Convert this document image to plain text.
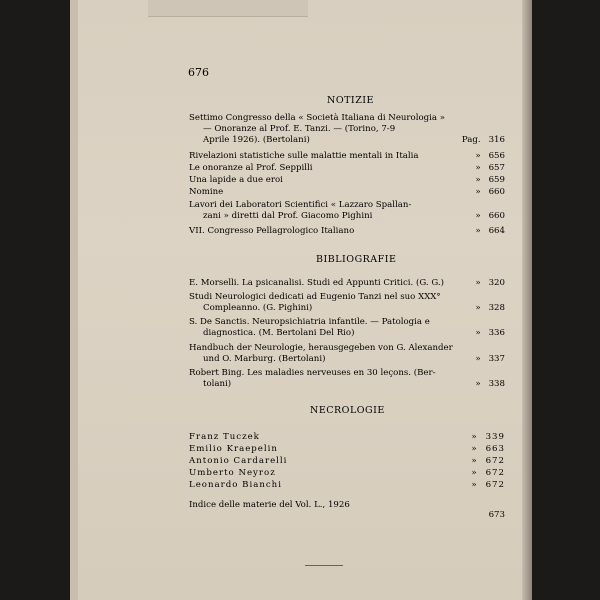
676
NOTIZIE
Settimo Congresso della « Società Italiana di Neurologia »
— Onoranze al Prof. E. Tanzi. — (Torino, 7-9
Aprile 1926). (Bertolani)	Pag. 316
Rivelazioni statistiche sulle malattie mentali in Italia	» 656
Le onoranze al Prof. Seppilli	» 657
Una lapide a due eroi	» 659
Nomine	» 660
Lavori dei Laboratori Scientifici « Lazzaro Spallan-
zani » diretti dal Prof. Giacomo Pighini	» 660
VII. Congresso Pellagrologico Italiano	» 664
BIBLIOGRAFIE
E. Morselli. La psicanalisi. Studi ed Appunti Critici. (G. G.)	» 320
Studi Neurologici dedicati ad Eugenio Tanzi nel suo XXX°
Compleanno. (G. Pighini)	» 328
S. De Sanctis. Neuropsichiatria infantile. — Patologia e
diagnostica. (M. Bertolani Del Rio)	» 336
Handbuch der Neurologie, herausgegeben von G. Alexander
und O. Marburg. (Bertolani)	» 337
Robert Bing. Les maladies nerveuses en 30 leçons. (Ber-
tolani)	» 338
NECROLOGIE
Franz Tuczek	» 339
Emilio Kraepelin	» 663
Antonio Cardarelli	» 672
Umberto Neyroz	» 672
Leonardo Bianchi	» 672
Indice delle materie del Vol. L., 1926
673
